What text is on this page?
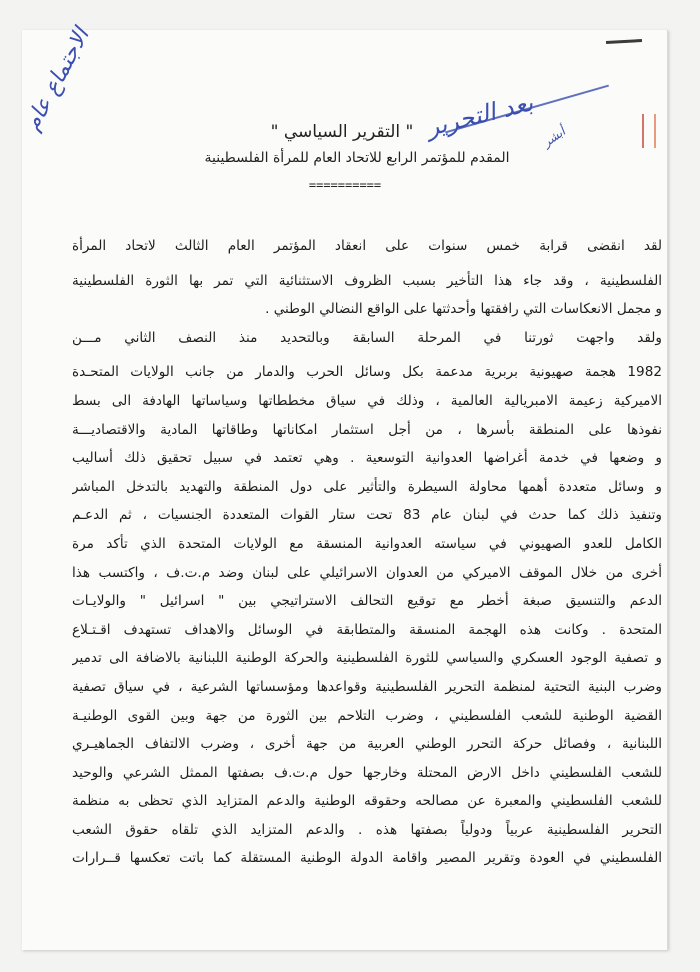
بعد التحرير أبشر
الاجتماع عام	" التقرير السياسي "
المقدم للمؤتمر الرابع للاتحاد العام للمرأة الفلسطينية
==========
لقد انقضى قرابة خمس سنوات على انعقاد المؤتمر العام الثالث لاتحاد المرأة
الفلسطينية ، وقد جاء هذا التأخير بسبب الظروف الاستثنائية التي تمر بها الثورة الفلسطينية
و مجمل الانعكاسات التي رافقتها وأحدثتها على الواقع النضالي الوطني .
ولقد واجهت ثورتنا في المرحلة السابقة وبالتحديد منذ النصف الثاني مـــن
1982 هجمة صهيونية بربرية مدعمة بكل وسائل الحرب والدمار من جانب الولايات المتحـدة
الاميركية زعيمة الامبريالية العالمية ، وذلك في سياق مخططاتها وسياساتها الهادفة الى بسط
نفوذها على المنطقة بأسرها ، من أجل استثمار امكاناتها وطاقاتها المادية والاقتصاديـــة
و وضعها في خدمة أغراضها العدوانية التوسعية . وهي تعتمد في سبيل تحقيق ذلك أساليب
و وسائل متعددة أهمها محاولة السيطرة والتأثير على دول المنطقة والتهديد بالتدخل المباشر
وتنفيذ ذلك كما حدث في لبنان عام 83 تحت ستار القوات المتعددة الجنسيات ، ثم الدعـم
الكامل للعدو الصهيوني في سياسته العدوانية المنسقة مع الولايات المتحدة الذي تأكد مرة
أخرى من خلال الموقف الاميركي من العدوان الاسرائيلي على لبنان وضد م.ت.ف ، واكتسب هذا
الدعم والتنسيق صبغة أخطر مع توقيع التحالف الاستراتيجي بين " اسرائيل " والولايـات
المتحدة . وكانت هذه الهجمة المنسقة والمتطابقة في الوسائل والاهداف تستهدف اقـتـلاع
و تصفية الوجود العسكري والسياسي للثورة الفلسطينية والحركة الوطنية اللبنانية بالاضافة الى تدمير
وضرب البنية التحتية لمنظمة التحرير الفلسطينية وقواعدها ومؤسساتها الشرعية ، في سياق تصفية
القضية الوطنية للشعب الفلسطيني ، وضرب التلاحم بين الثورة من جهة وبين القوى الوطنيـة
اللبنانية ، وفصائل حركة التحرر الوطني العربية من جهة أخرى ، وضرب الالتفاف الجماهيـري
للشعب الفلسطيني داخل الارض المحتلة وخارجها حول م.ت.ف بصفتها الممثل الشرعي والوحيد
للشعب الفلسطيني والمعبرة عن مصالحه وحقوقه الوطنية والدعم المتزايد الذي تحظى به منظمة
التحرير الفلسطينية عربياً ودولياً بصفتها هذه . والدعم المتزايد الذي تلقاه حقوق الشعب
الفلسطيني في العودة وتقرير المصير واقامة الدولة الوطنية المستقلة كما باتت تعكسها قــرارات
